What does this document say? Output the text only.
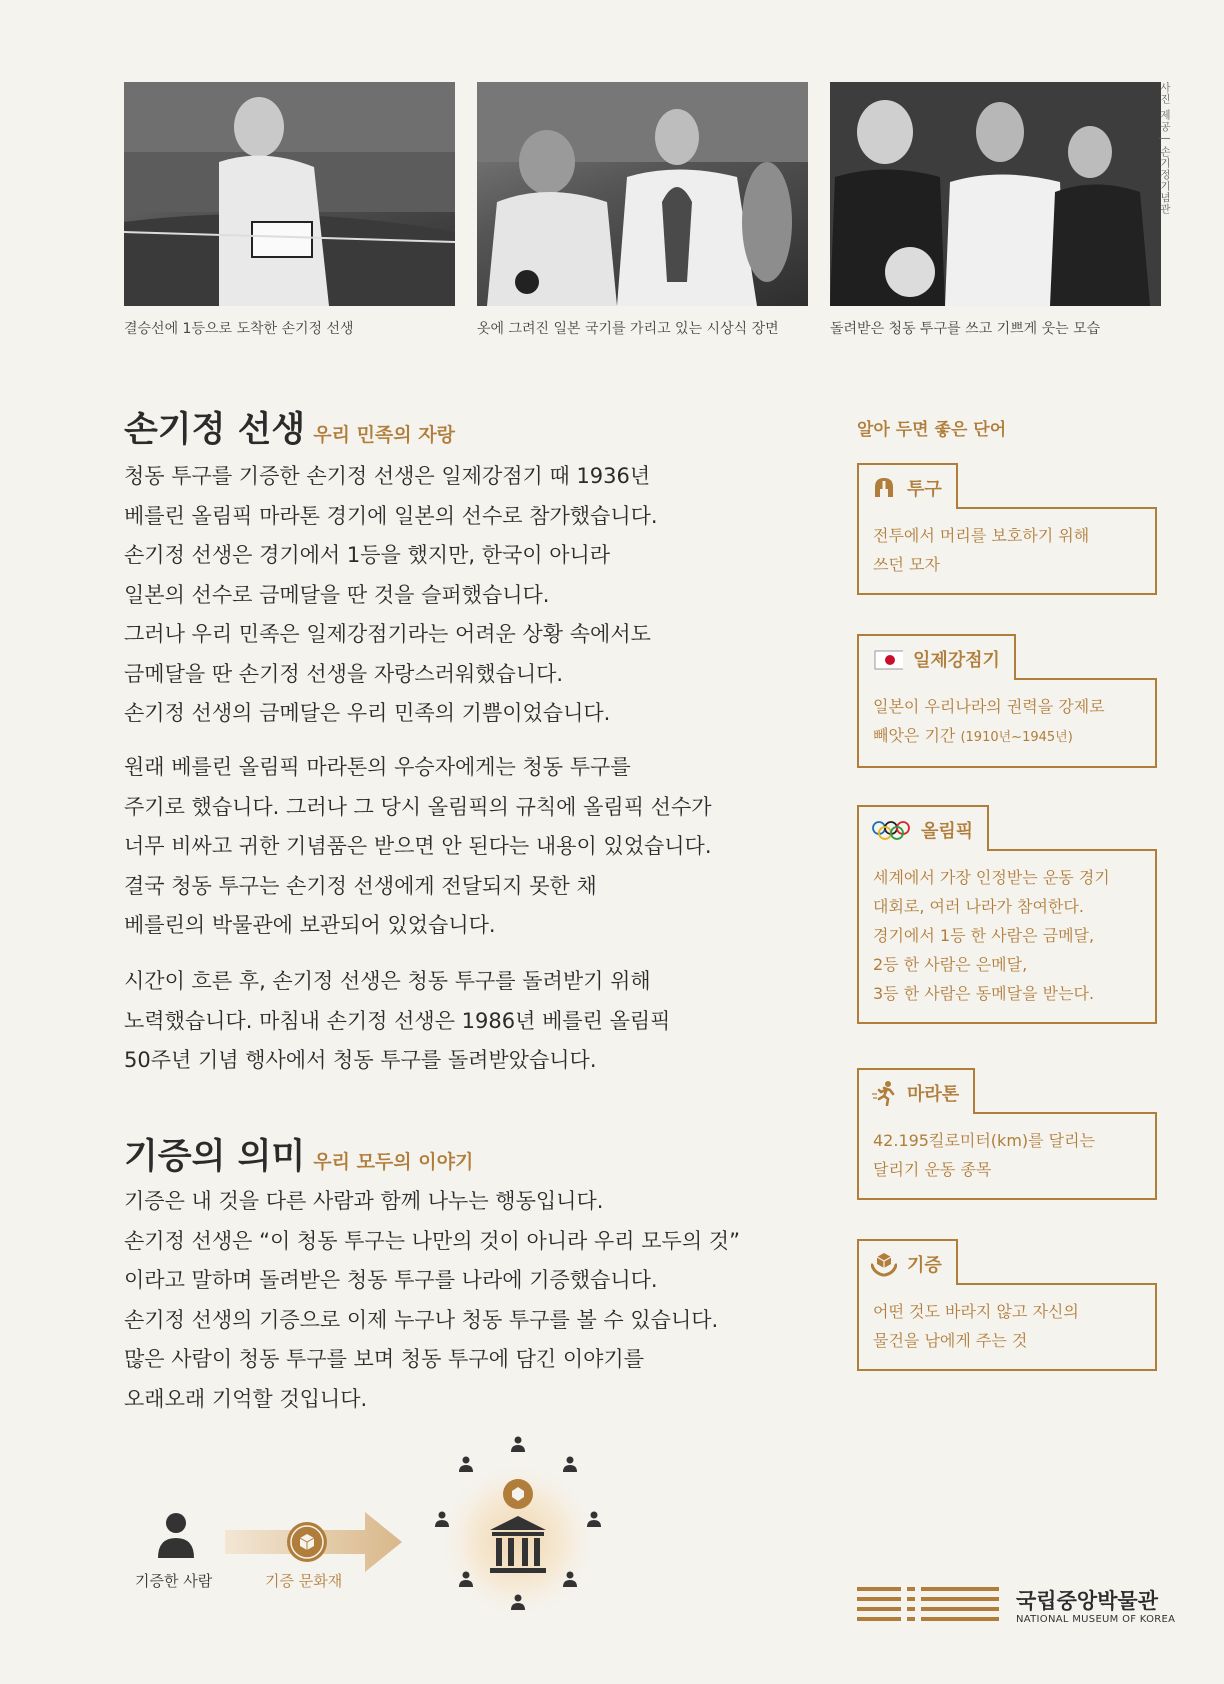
결승선에 1등으로 도착한 손기정 선생	옷에 그려진 일본 국기를 가리고 있는 시상식 장면	돌려받은 청동 투구를 쓰고 기쁘게 웃는 모습
사진 제공 | 손기정기념관
손기정 선생 우리 민족의 자랑

청동 투구를 기증한 손기정 선생은 일제강점기 때 1936년
베를린 올림픽 마라톤 경기에 일본의 선수로 참가했습니다.
손기정 선생은 경기에서 1등을 했지만, 한국이 아니라
일본의 선수로 금메달을 딴 것을 슬퍼했습니다.
그러나 우리 민족은 일제강점기라는 어려운 상황 속에서도
금메달을 딴 손기정 선생을 자랑스러워했습니다.
손기정 선생의 금메달은 우리 민족의 기쁨이었습니다.

원래 베를린 올림픽 마라톤의 우승자에게는 청동 투구를
주기로 했습니다. 그러나 그 당시 올림픽의 규칙에 올림픽 선수가
너무 비싸고 귀한 기념품은 받으면 안 된다는 내용이 있었습니다.
결국 청동 투구는 손기정 선생에게 전달되지 못한 채
베를린의 박물관에 보관되어 있었습니다.

시간이 흐른 후, 손기정 선생은 청동 투구를 돌려받기 위해
노력했습니다. 마침내 손기정 선생은 1986년 베를린 올림픽
50주년 기념 행사에서 청동 투구를 돌려받았습니다.

기증의 의미 우리 모두의 이야기

기증은 내 것을 다른 사람과 함께 나누는 행동입니다.
손기정 선생은 “이 청동 투구는 나만의 것이 아니라 우리 모두의 것”
이라고 말하며 돌려받은 청동 투구를 나라에 기증했습니다.
손기정 선생의 기증으로 이제 누구나 청동 투구를 볼 수 있습니다.
많은 사람이 청동 투구를 보며 청동 투구에 담긴 이야기를
오래오래 기억할 것입니다.

알아 두면 좋은 단어
투구
전투에서 머리를 보호하기 위해
쓰던 모자
일제강점기
일본이 우리나라의 권력을 강제로
빼앗은 기간 (1910년~1945년)
올림픽
세계에서 가장 인정받는 운동 경기
대회로, 여러 나라가 참여한다.
경기에서 1등 한 사람은 금메달,
2등 한 사람은 은메달,
3등 한 사람은 동메달을 받는다.
마라톤
42.195킬로미터(km)를 달리는
달리기 운동 종목
기증
어떤 것도 바라지 않고 자신의
물건을 남에게 주는 것
기증한 사람	기증 문화재
국립중앙박물관
NATIONAL MUSEUM OF KOREA
